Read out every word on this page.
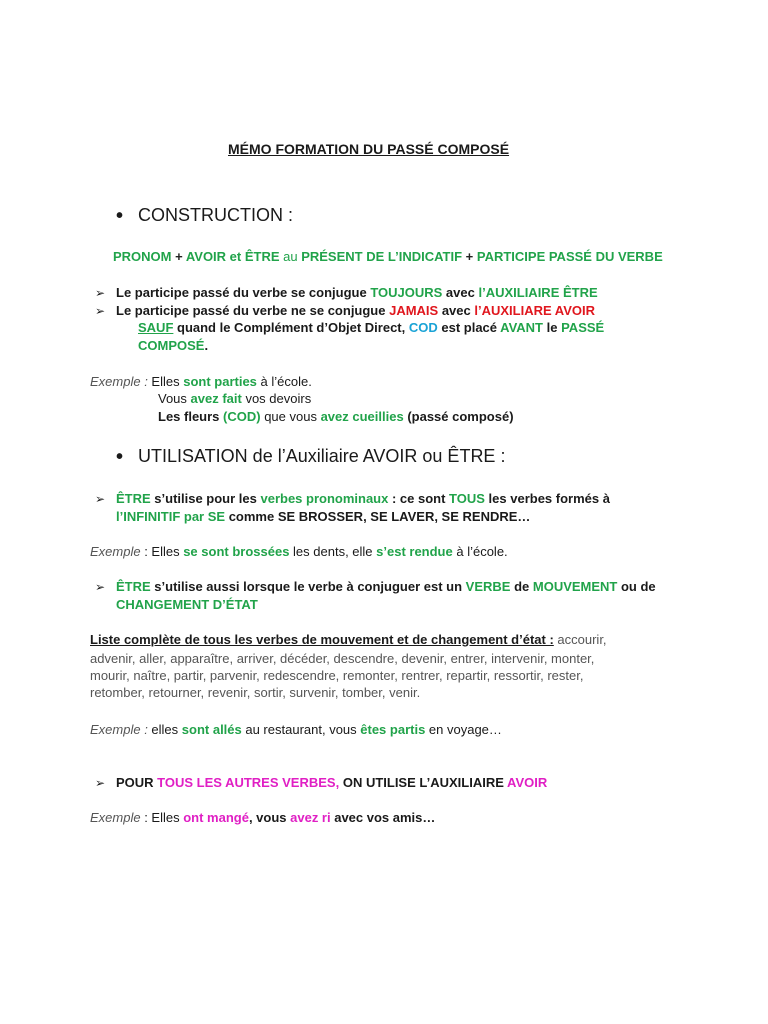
MÉMO FORMATION DU PASSÉ COMPOSÉ
• CONSTRUCTION :
PRONOM + AVOIR et ÊTRE au PRÉSENT DE L’INDICATIF + PARTICIPE PASSÉ DU VERBE
➢ Le participe passé du verbe se conjugue TOUJOURS avec l’AUXILIAIRE ÊTRE
➢ Le participe passé du verbe ne se conjugue JAMAIS avec l’AUXILIARE AVOIR
SAUF quand le Complément d’Objet Direct, COD est placé AVANT le PASSÉ
COMPOSÉ.
Exemple : Elles sont parties à l’école.
Vous avez fait vos devoirs
Les fleurs (COD) que vous avez cueillies (passé composé)
• UTILISATION de l’Auxiliaire AVOIR ou ÊTRE :
➢ ÊTRE s’utilise pour les verbes pronominaux : ce sont TOUS les verbes formés à
l’INFINITIF par SE comme SE BROSSER, SE LAVER, SE RENDRE…
Exemple : Elles se sont brossées les dents, elle s’est rendue à l’école.
➢ ÊTRE s’utilise aussi lorsque le verbe à conjuguer est un VERBE de MOUVEMENT ou de
CHANGEMENT D’ÉTAT
Liste complète de tous les verbes de mouvement et de changement d’état : accourir,
advenir, aller, apparaître, arriver, décéder, descendre, devenir, entrer, intervenir, monter,
mourir, naître, partir, parvenir, redescendre, remonter, rentrer, repartir, ressortir, rester,
retomber, retourner, revenir, sortir, survenir, tomber, venir.
Exemple : elles sont allés au restaurant, vous êtes partis en voyage…
➢ POUR TOUS LES AUTRES VERBES, ON UTILISE L’AUXILIAIRE AVOIR
Exemple : Elles ont mangé, vous avez ri avec vos amis…
